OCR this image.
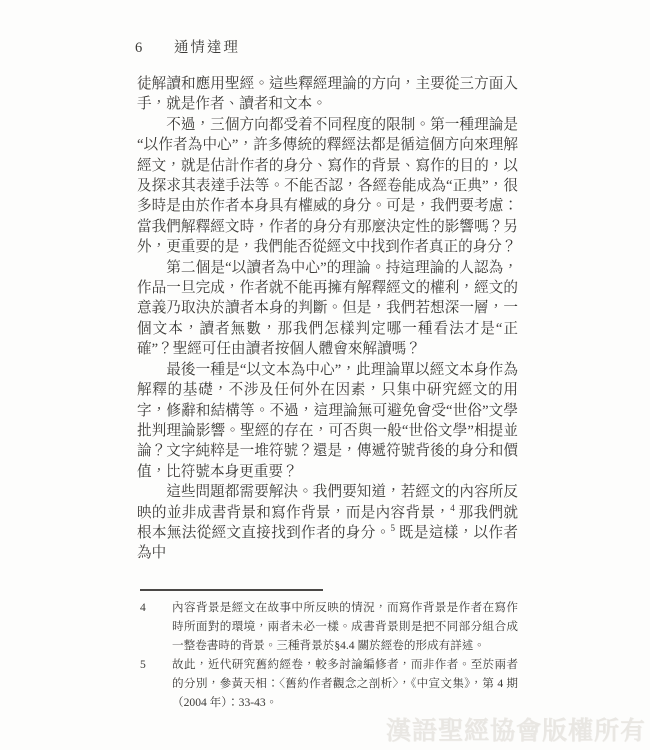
6 通情達理

徒解讀和應用聖經。這些釋經理論的方向，主要從三方面入手，就是作者、讀者和文本。

不過，三個方向都受着不同程度的限制。第一種理論是“以作者為中心”，許多傳統的釋經法都是循這個方向來理解經文，就是估計作者的身分、寫作的背景、寫作的目的，以及探求其表達手法等。不能否認，各經卷能成為“正典”，很多時是由於作者本身具有權威的身分。可是，我們要考慮：當我們解釋經文時，作者的身分有那麼決定性的影響嗎？另外，更重要的是，我們能否從經文中找到作者真正的身分？

第二個是“以讀者為中心”的理論。持這理論的人認為，作品一旦完成，作者就不能再擁有解釋經文的權利，經文的意義乃取決於讀者本身的判斷。但是，我們若想深一層，一個文本，讀者無數，那我們怎樣判定哪一種看法才是“正確”？聖經可任由讀者按個人體會來解讀嗎？

最後一種是“以文本為中心”，此理論單以經文本身作為解釋的基礎，不涉及任何外在因素，只集中研究經文的用字，修辭和結構等。不過，這理論無可避免會受“世俗”文學批判理論影響。聖經的存在，可否與一般“世俗文學”相提並論？文字純粹是一堆符號？還是，傳遞符號背後的身分和價值，比符號本身更重要？

這些問題都需要解決。我們要知道，若經文的內容所反映的並非成書背景和寫作背景，而是內容背景，$^4$ 那我們就根本無法從經文直接找到作者的身分。$^5$ 既是這樣，以作者為中

4	內容背景是經文在故事中所反映的情況，而寫作背景是作者在寫作時所面對的環境，兩者未必一樣。成書背景則是把不同部分組合成一整卷書時的背景。三種背景於§4.4 關於經卷的形成有詳述。
5	故此，近代研究舊約經卷，較多討論編修者，而非作者。至於兩者的分別，參黃天相：〈舊約作者觀念之剖析〉，《中宣文集》，第 4 期（2004 年）：33-43。
漢語聖經協會版權所有
